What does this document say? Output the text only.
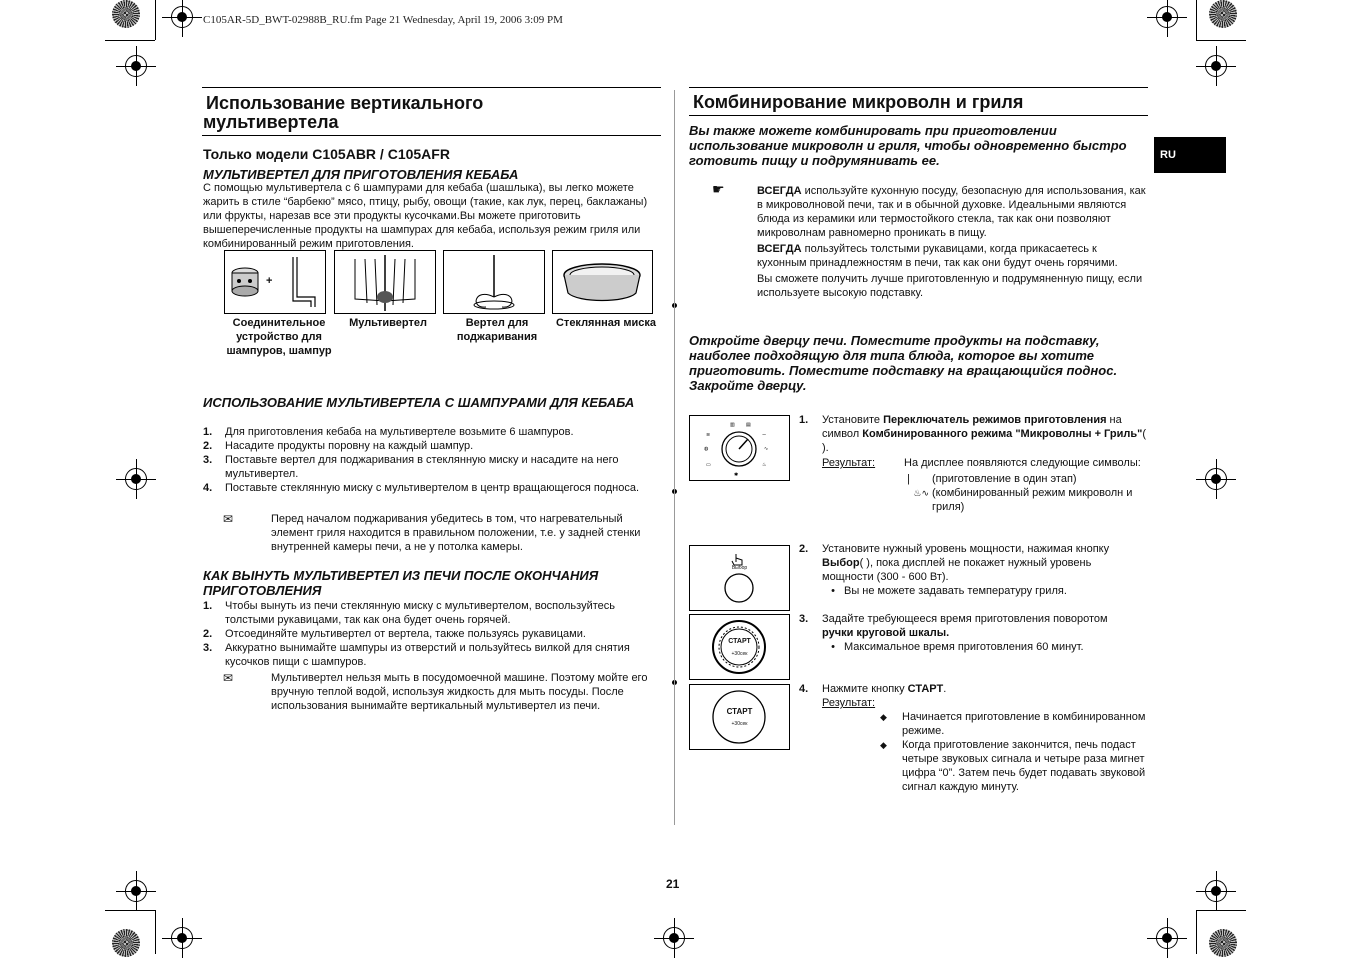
C105AR-5D_BWT-02988B_RU.fm Page 21 Wednesday, April 19, 2006 3:09 PM
RU
Использование вертикального
мультивертела
Только модели C105ABR / C105AFR
МУЛЬТИВЕРТЕЛ ДЛЯ ПРИГОТОВЛЕНИЯ КЕБАБА
С помощью мультивертела с 6 шампурами для кебаба (шашлыка), вы легко можете жарить в стиле “барбекю” мясо, птицу, рыбу, овощи (такие, как лук, перец, баклажаны) или фрукты, нарезав все эти продукты кусочками.Вы можете приготовить вышеперечисленные продукты на шампурах для кебаба, используя режим гриля или комбинированный режим приготовления.
+
Соединительное устройство для шампуров, шампур
Мультивертел	Вертел для поджаривания
Стеклянная миска
ИСПОЛЬЗОВАНИЕ МУЛЬТИВЕРТЕЛА С ШАМПУРАМИ ДЛЯ КЕБАБА
1.	Для приготовления кебаба на мультивертеле возьмите 6 шампуров.
2.	Насадите продукты поровну на каждый шампур.
3.	Поставьте вертел для поджаривания в стеклянную миску и насадите на него мультивертел.
4.	Поставьте стеклянную миску с мультивертелом в центр вращающегося подноса.
✉	Перед началом поджаривания убедитесь в том, что нагревательный элемент гриля находится в правильном положении, т.е. у задней стенки внутренней камеры печи, а не у потолка камеры.
КАК ВЫНУТЬ МУЛЬТИВЕРТЕЛ ИЗ ПЕЧИ ПОСЛЕ ОКОНЧАНИЯ ПРИГОТОВЛЕНИЯ
1.	Чтобы вынуть из печи стеклянную миску с мультивертелом, воспользуйтесь толстыми рукавицами, так как она будет очень горячей.
2.	Отсоединяйте мультивертел от вертела, также пользуясь рукавицами.
3.	Аккуратно вынимайте шампуры из отверстий и пользуйтесь вилкой для снятия кусочков пищи с шампуров.
✉	Мультивертел нельзя мыть в посудомоечной машине. Поэтому мойте его вручную теплой водой, используя жидкость для мыть посуды. После использования вынимайте вертикальный мультивертел из печи.
Комбинирование микроволн и гриля
Вы также можете комбинировать при приготовлении использование микроволн и гриля, чтобы одновременно быстро готовить пищу и подрумянивать ее.
☛	ВСЕГДА используйте кухонную посуду, безопасную для использования, как в микроволновой печи, так и в обычной духовке. Идеальными являются блюда из керамики или термостойкого стекла, так как они позволяют микроволнам равномерно проникать в пищу.
ВСЕГДА пользуйтесь толстыми рукавицами, когда прикасаетесь к кухонным принадлежностям в печи, так как они будут очень горячими.
Вы сможете получить лучше приготовленную и подрумяненную пищу, если используете высокую подставку.
Откройте дверцу печи. Поместите продукты на подставку, наиболее подходящую для типа блюда, которое вы хотите приготовить. Поместите подставку на вращающийся поднос. Закройте дверцу.
≋
◍
▭
∽
∿
♨
▥ ▤
✱
Выбор
СТАРТ
+30сек
СТАРТ
+30сек
1. Установите Переключатель режимов приготовления на символ Комбинированного режима "Микроволны + Гриль"( ).
Результат:	На дисплее появляются следующие символы:
|	(приготовление в один этап)
♨∿ (комбинированный режим микроволн и гриля)
2. Установите нужный уровень мощности, нажимая кнопку Выбор( ), пока дисплей не покажет нужный уровень мощности (300 - 600 Вт).
• Вы не можете задавать температуру гриля.
3. Задайте требующееся время приготовления поворотом ручки круговой шкалы.
• Максимальное время приготовления 60 минут.
4. Нажмите кнопку СТАРТ.
Результат:
◆	Начинается приготовление в комбинированном режиме.
◆	Когда приготовление закончится, печь подаст четыре звуковых сигнала и четыре раза мигнет цифра “0”. Затем печь будет подавать звуковой сигнал каждую минуту.
21
